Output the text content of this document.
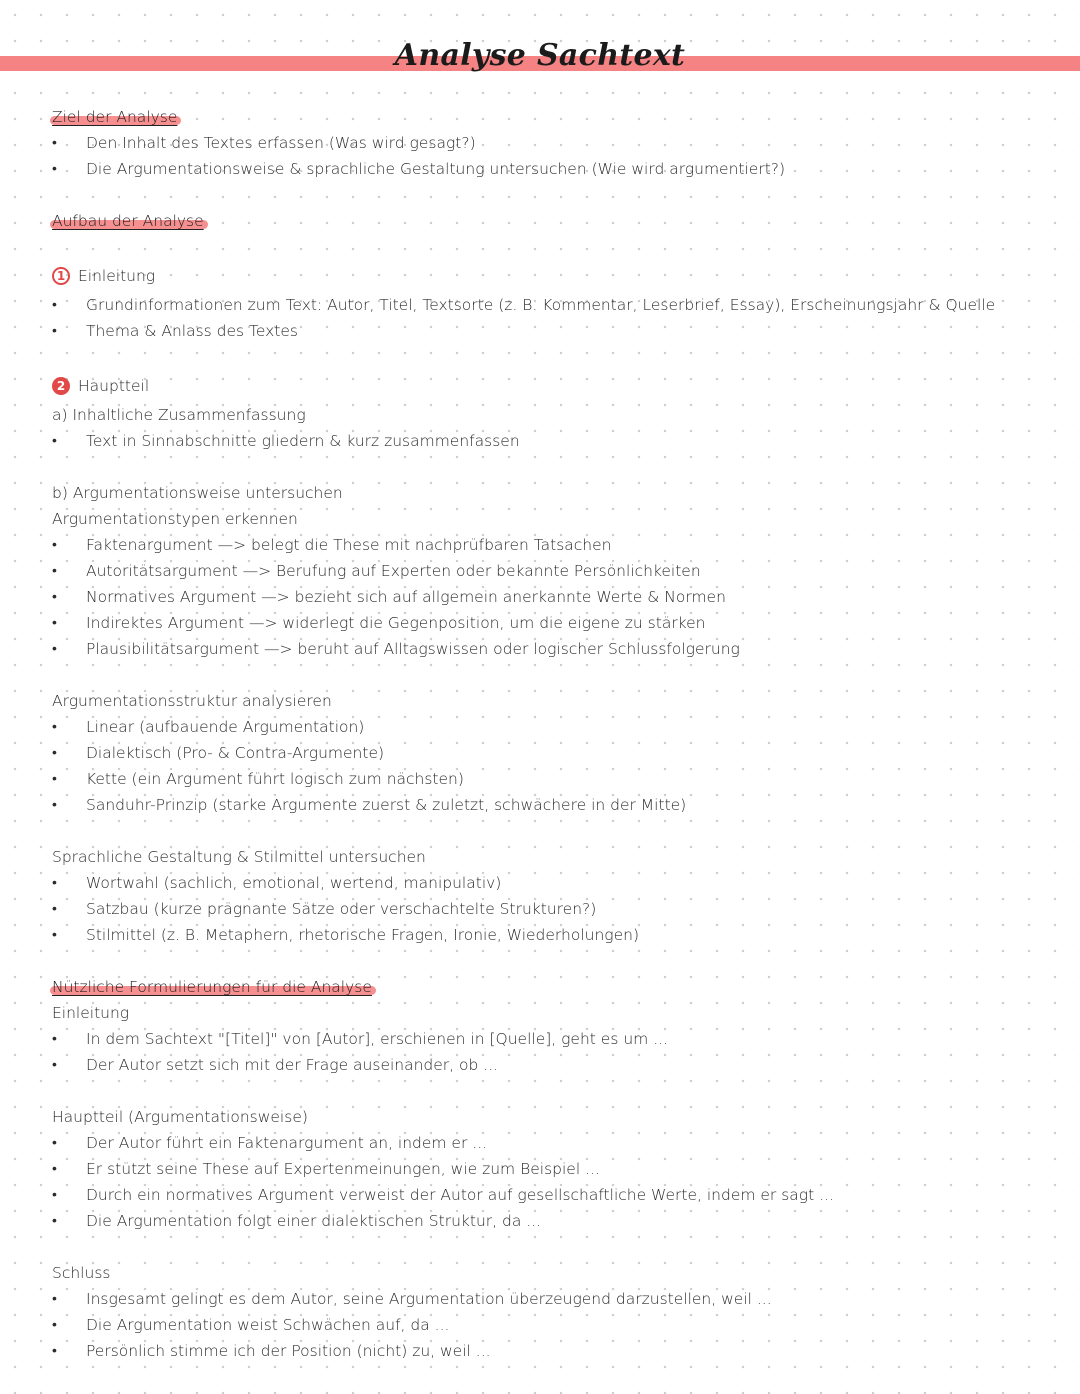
Analyse Sachtext
Ziel der Analyse
•	Den Inhalt des Textes erfassen (Was wird gesagt?)
•	Die Argumentationsweise & sprachliche Gestaltung untersuchen (Wie wird argumentiert?)
Aufbau der Analyse
1 Einleitung
•	Grundinformationen zum Text: Autor, Titel, Textsorte (z. B. Kommentar, Leserbrief, Essay), Erscheinungsjahr & Quelle
•	Thema & Anlass des Textes
2 Hauptteil
a) Inhaltliche Zusammenfassung
•	Text in Sinnabschnitte gliedern & kurz zusammenfassen
b) Argumentationsweise untersuchen
Argumentationstypen erkennen
•	Faktenargument —> belegt die These mit nachprüfbaren Tatsachen
•	Autoritätsargument —> Berufung auf Experten oder bekannte Persönlichkeiten
•	Normatives Argument —> bezieht sich auf allgemein anerkannte Werte & Normen
•	Indirektes Argument —> widerlegt die Gegenposition, um die eigene zu stärken
•	Plausibilitätsargument —> beruht auf Alltagswissen oder logischer Schlussfolgerung
Argumentationsstruktur analysieren
•	Linear (aufbauende Argumentation)
•	Dialektisch (Pro- & Contra-Argumente)
•	Kette (ein Argument führt logisch zum nächsten)
•	Sanduhr-Prinzip (starke Argumente zuerst & zuletzt, schwächere in der Mitte)
Sprachliche Gestaltung & Stilmittel untersuchen
•	Wortwahl (sachlich, emotional, wertend, manipulativ)
•	Satzbau (kurze prägnante Sätze oder verschachtelte Strukturen?)
•	Stilmittel (z. B. Metaphern, rhetorische Fragen, Ironie, Wiederholungen)
Nützliche Formulierungen für die Analyse
Einleitung
•	In dem Sachtext "[Titel]" von [Autor], erschienen in [Quelle], geht es um ...
•	Der Autor setzt sich mit der Frage auseinander, ob ...
Hauptteil (Argumentationsweise)
•	Der Autor führt ein Faktenargument an, indem er ...
•	Er stützt seine These auf Expertenmeinungen, wie zum Beispiel ...
•	Durch ein normatives Argument verweist der Autor auf gesellschaftliche Werte, indem er sagt ...
•	Die Argumentation folgt einer dialektischen Struktur, da ...
Schluss
•	Insgesamt gelingt es dem Autor, seine Argumentation überzeugend darzustellen, weil ...
•	Die Argumentation weist Schwächen auf, da ...
•	Persönlich stimme ich der Position (nicht) zu, weil ...
